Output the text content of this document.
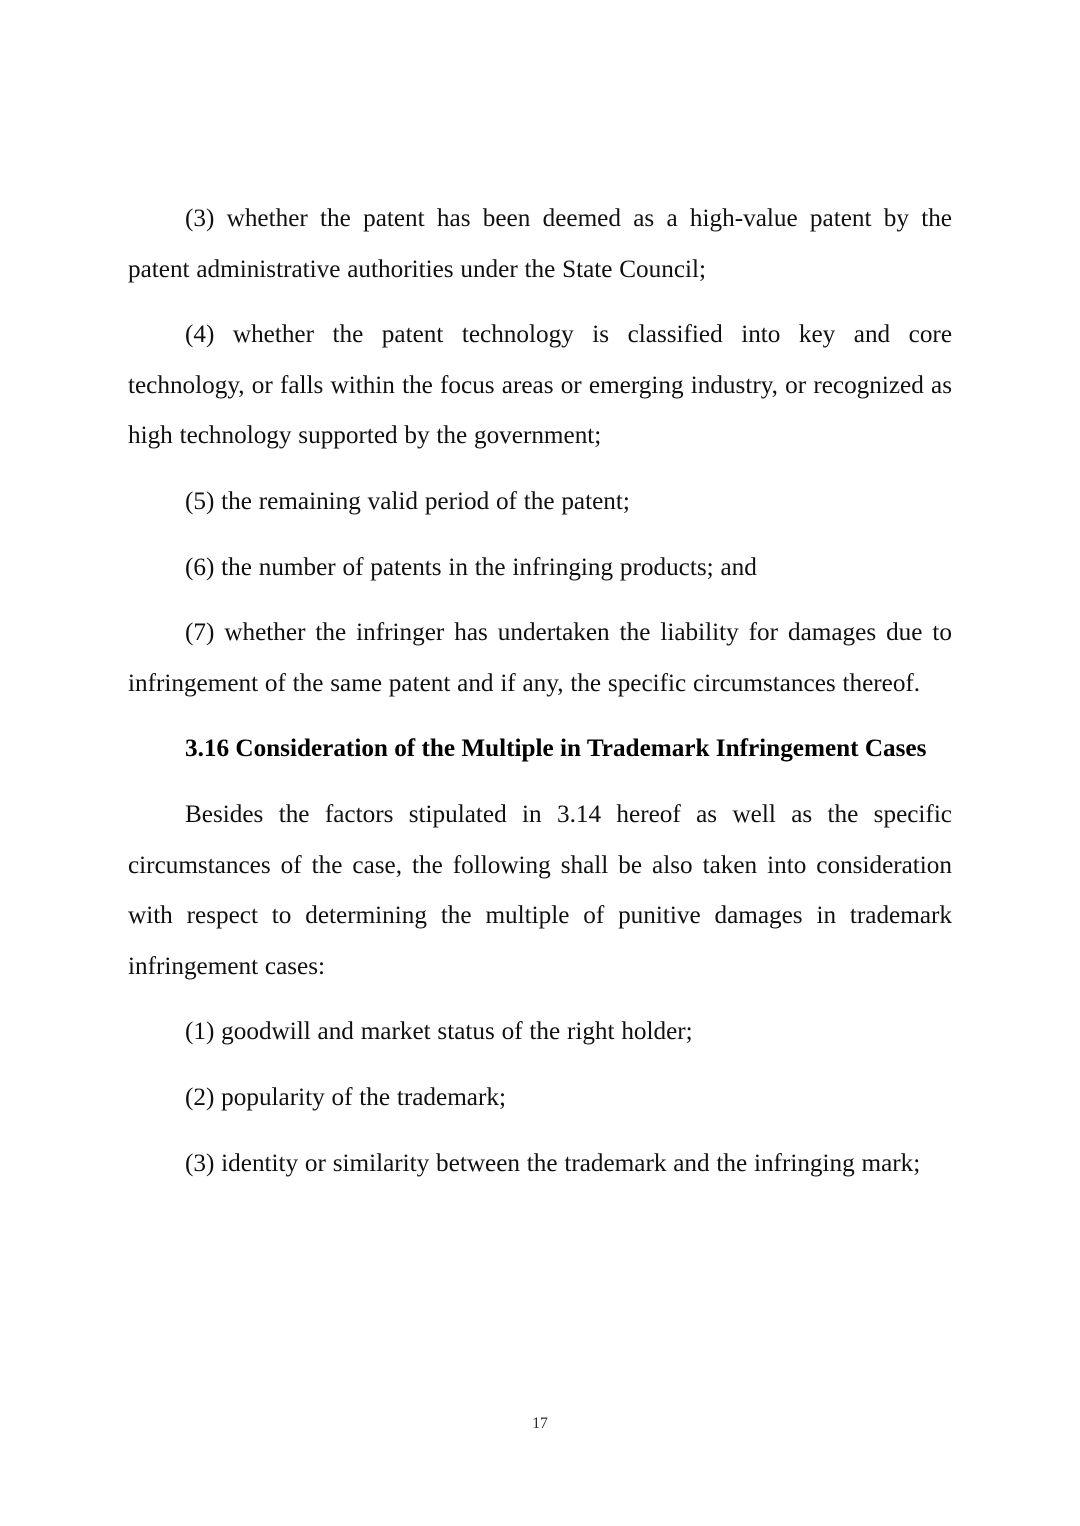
(3) whether the patent has been deemed as a high-value patent by the patent administrative authorities under the State Council;

(4) whether the patent technology is classified into key and core technology, or falls within the focus areas or emerging industry, or recognized as high technology supported by the government;

(5) the remaining valid period of the patent;

(6) the number of patents in the infringing products; and

(7) whether the infringer has undertaken the liability for damages due to infringement of the same patent and if any, the specific circumstances thereof.

3.16 Consideration of the Multiple in Trademark Infringement Cases

Besides the factors stipulated in 3.14 hereof as well as the specific circumstances of the case, the following shall be also taken into consideration with respect to determining the multiple of punitive damages in trademark infringement cases:

(1) goodwill and market status of the right holder;

(2) popularity of the trademark;

(3) identity or similarity between the trademark and the infringing mark;

17
